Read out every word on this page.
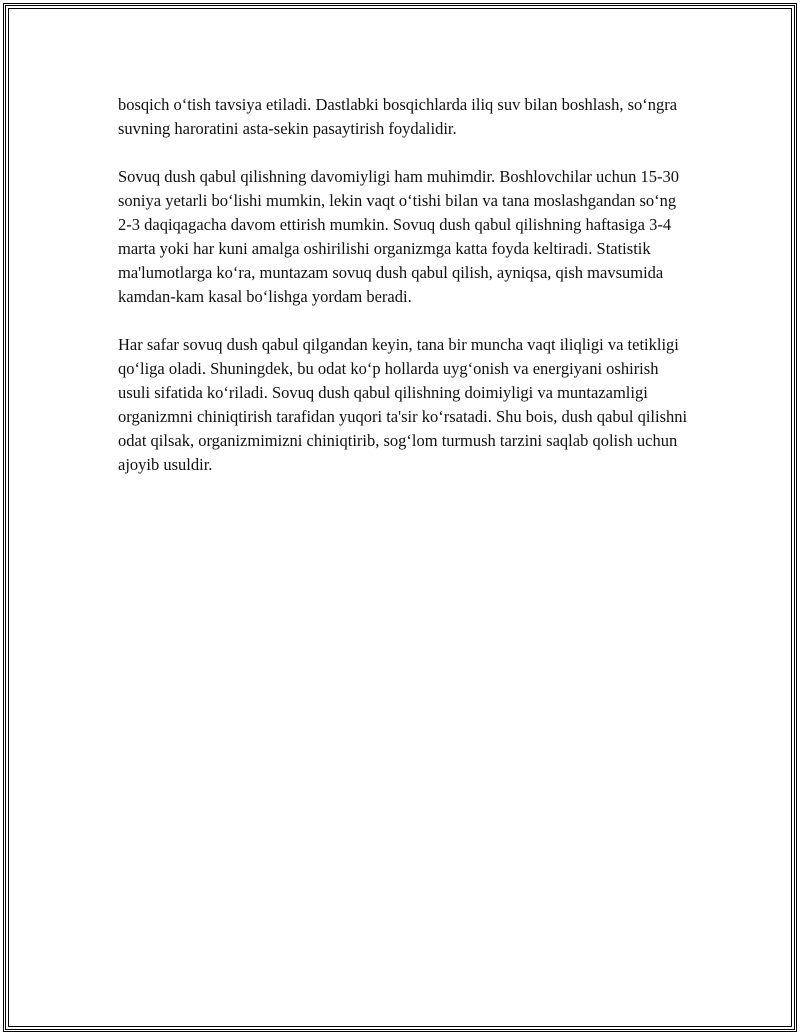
bosqich o‘tish tavsiya etiladi. Dastlabki bosqichlarda iliq suv bilan boshlash, so‘ngra suvning haroratini asta-sekin pasaytirish foydalidir.

Sovuq dush qabul qilishning davomiyligi ham muhimdir. Boshlovchilar uchun 15-30 soniya yetarli bo‘lishi mumkin, lekin vaqt o‘tishi bilan va tana moslashgandan so‘ng 2-3 daqiqagacha davom ettirish mumkin. Sovuq dush qabul qilishning haftasiga 3-4 marta yoki har kuni amalga oshirilishi organizmga katta foyda keltiradi. Statistik ma'lumotlarga ko‘ra, muntazam sovuq dush qabul qilish, ayniqsa, qish mavsumida kamdan-kam kasal bo‘lishga yordam beradi.

Har safar sovuq dush qabul qilgandan keyin, tana bir muncha vaqt iliqligi va tetikligi qo‘liga oladi. Shuningdek, bu odat ko‘p hollarda uyg‘onish va energiyani oshirish usuli sifatida ko‘riladi. Sovuq dush qabul qilishning doimiyligi va muntazamligi organizmni chiniqtirish tarafidan yuqori ta'sir ko‘rsatadi. Shu bois, dush qabul qilishni odat qilsak, organizmimizni chiniqtirib, sog‘lom turmush tarzini saqlab qolish uchun ajoyib usuldir.
